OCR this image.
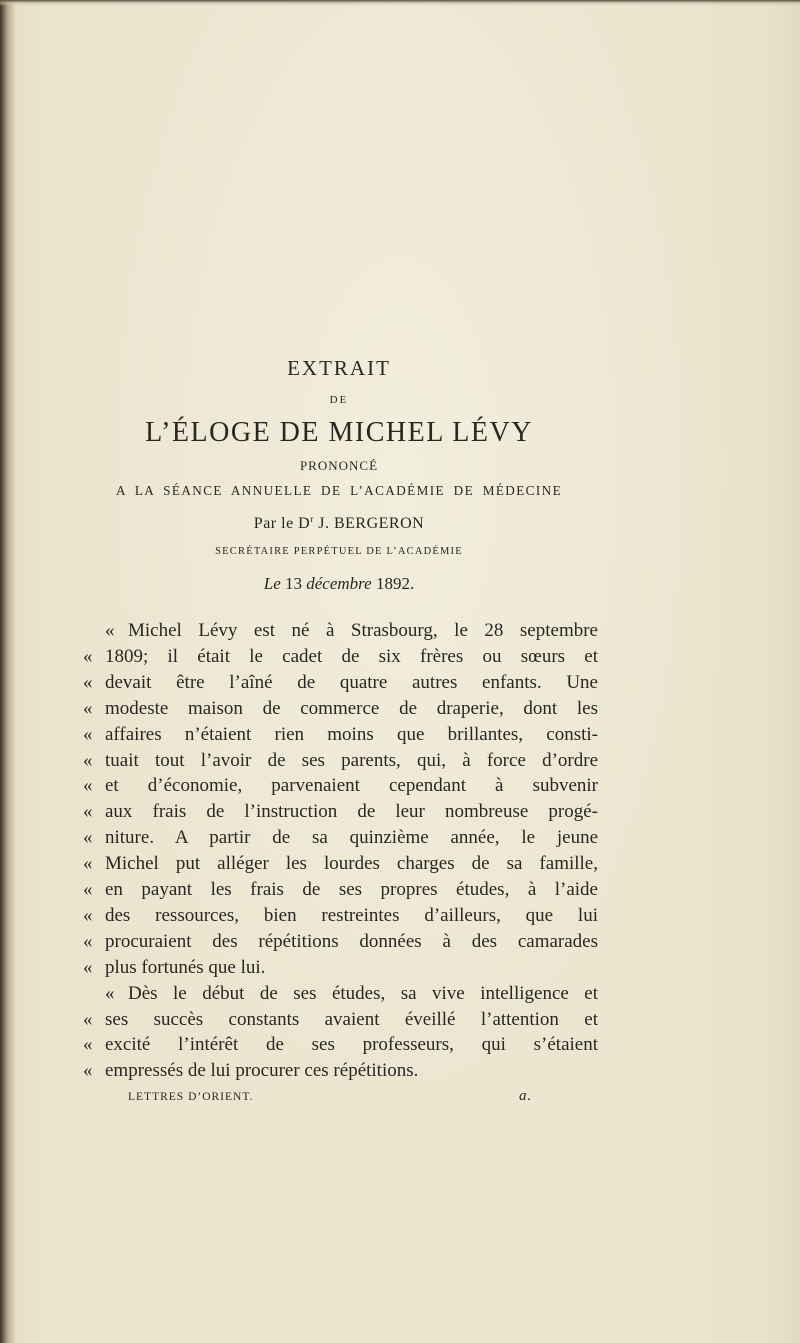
EXTRAIT
DE
L’ÉLOGE DE MICHEL LÉVY
PRONONCÉ
A LA SÉANCE ANNUELLE DE L’ACADÉMIE DE MÉDECINE
Par le $D^r$ J. BERGERON
SECRÉTAIRE PERPÉTUEL DE L’ACADÉMIE
Le 13 décembre 1892.
« Michel Lévy est né à Strasbourg, le 28 septembre
« 1809; il était le cadet de six frères ou sœurs et
« devait être l’aîné de quatre autres enfants. Une
« modeste maison de commerce de draperie, dont les
« affaires n’étaient rien moins que brillantes, consti-
« tuait tout l’avoir de ses parents, qui, à force d’ordre
« et d’économie, parvenaient cependant à subvenir
« aux frais de l’instruction de leur nombreuse progé-
« niture. A partir de sa quinzième année, le jeune
« Michel put alléger les lourdes charges de sa famille,
« en payant les frais de ses propres études, à l’aide
« des ressources, bien restreintes d’ailleurs, que lui
« procuraient des répétitions données à des camarades
« plus fortunés que lui.
« Dès le début de ses études, sa vive intelligence et
« ses succès constants avaient éveillé l’attention et
« excité l’intérêt de ses professeurs, qui s’étaient
« empressés de lui procurer ces répétitions.
LETTRES D’ORIENT.	a.
